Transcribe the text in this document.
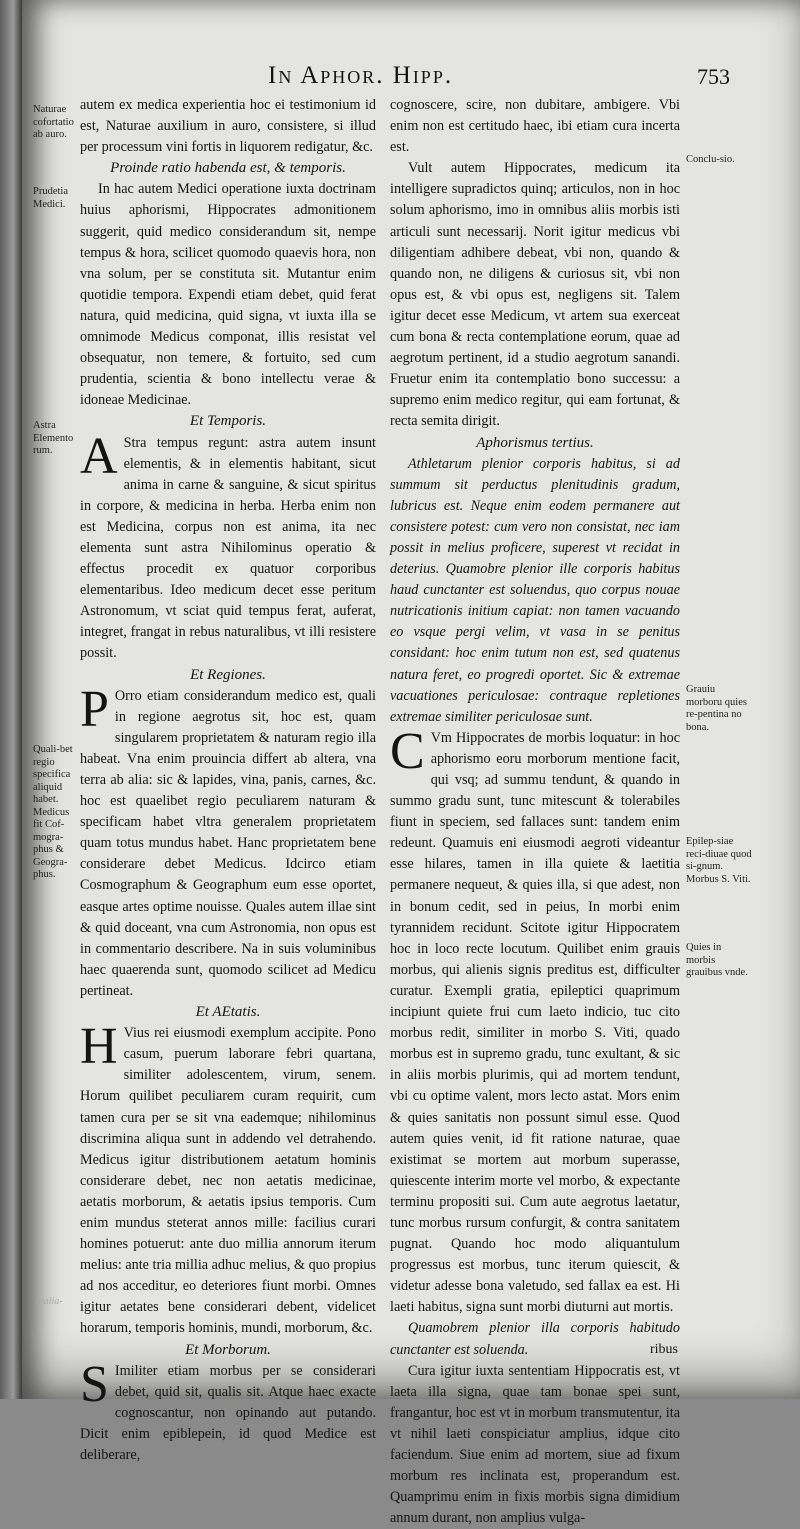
In Aphor. Hipp.	753

autem ex medica experientia hoc ei testimonium id est, Naturae auxilium in auro, consistere, si illud per processum vini fortis in liquorem redigatur, &c.

Proinde ratio habenda est, & temporis.

In hac autem Medici operatione iuxta doctrinam huius aphorismi, Hippocrates admonitionem suggerit, quid medico considerandum sit, nempe tempus & hora, scilicet quomodo quaevis hora, non vna solum, per se constituta sit. Mutantur enim quotidie tempora. Expendi etiam debet, quid ferat natura, quid medicina, quid signa, vt iuxta illa se omnimode Medicus componat, illis resistat vel obsequatur, non temere, & fortuito, sed cum prudentia, scientia & bono intellectu verae & idoneae Medicinae.

Et Temporis.

A Stra tempus regunt: astra autem insunt elementis, & in elementis habitant, sicut anima in carne & sanguine, & sicut spiritus in corpore, & medicina in herba. Herba enim non est Medicina, corpus non est anima, ita nec elementa sunt astra Nihilominus operatio & effectus procedit ex quatuor corporibus elementaribus. Ideo medicum decet esse peritum Astronomum, vt sciat quid tempus ferat, auferat, integret, frangat in rebus naturalibus, vt illi resistere possit.

Et Regiones.

P Orro etiam considerandum medico est, quali in regione aegrotus sit, hoc est, quam singularem proprietatem & naturam regio illa habeat. Vna enim prouincia differt ab altera, vna terra ab alia: sic & lapides, vina, panis, carnes, &c. hoc est quaelibet regio peculiarem naturam & specificam habet vltra generalem proprietatem quam totus mundus habet. Hanc proprietatem bene considerare debet Medicus. Idcirco etiam Cosmographum & Geographum eum esse oportet, easque artes optime nouisse. Quales autem illae sint & quid doceant, vna cum Astronomia, non opus est in commentario describere. Na in suis voluminibus haec quaerenda sunt, quomodo scilicet ad Medicu pertineat.

Et AEtatis.

H Vius rei eiusmodi exemplum accipite. Pono casum, puerum laborare febri quartana, similiter adolescentem, virum, senem. Horum quilibet peculiarem curam requirit, cum tamen cura per se sit vna eademque; nihilominus discrimina aliqua sunt in addendo vel detrahendo. Medicus igitur distributionem aetatum hominis considerare debet, nec non aetatis medicinae, aetatis morborum, & aetatis ipsius temporis. Cum enim mundus steterat annos mille: facilius curari homines potuerut: ante duo millia annorum iterum melius: ante tria millia adhuc melius, & quo propius ad nos acceditur, eo deteriores fiunt morbi. Omnes igitur aetates bene considerari debent, videlicet horarum, temporis hominis, mundi, morborum, &c.

Et Morborum.

S Imiliter etiam morbus per se considerari debet, quid sit, qualis sit. Atque haec exacte cognoscantur, non opinando aut putando. Dicit enim epiblepein, id quod Medice est deliberare,

cognoscere, scire, non dubitare, ambigere. Vbi enim non est certitudo haec, ibi etiam cura incerta est.

Vult autem Hippocrates, medicum ita intelligere supradictos quinq; articulos, non in hoc solum aphorismo, imo in omnibus aliis morbis isti articuli sunt necessarij. Norit igitur medicus vbi diligentiam adhibere debeat, vbi non, quando & quando non, ne diligens & curiosus sit, vbi non opus est, & vbi opus est, negligens sit. Talem igitur decet esse Medicum, vt artem sua exerceat cum bona & recta contemplatione eorum, quae ad aegrotum pertinent, id a studio aegrotum sanandi. Fruetur enim ita contemplatio bono successu: a supremo enim medico regitur, qui eam fortunat, & recta semita dirigit.

Aphorismus tertius.

Athletarum plenior corporis habitus, si ad summum sit perductus plenitudinis gradum, lubricus est. Neque enim eodem permanere aut consistere potest: cum vero non consistat, nec iam possit in melius proficere, superest vt recidat in deterius. Quamobre plenior ille corporis habitus haud cunctanter est soluendus, quo corpus nouae nutricationis initium capiat: non tamen vacuando eo vsque pergi velim, vt vasa in se penitus considant: hoc enim tutum non est, sed quatenus natura feret, eo progredi oportet. Sic & extremae vacuationes periculosae: contraque repletiones extremae similiter periculosae sunt.

C Vm Hippocrates de morbis loquatur: in hoc aphorismo eoru morborum mentione facit, qui vsq; ad summu tendunt, & quando in summo gradu sunt, tunc mitescunt & tolerabiles fiunt in speciem, sed fallaces sunt: tandem enim redeunt. Quamuis eni eiusmodi aegroti videantur esse hilares, tamen in illa quiete & laetitia permanere nequeut, & quies illa, si que adest, non in bonum cedit, sed in peius, In morbi enim tyrannidem recidunt. Scitote igitur Hippocratem hoc in loco recte locutum. Quilibet enim grauis morbus, qui alienis signis preditus est, difficulter curatur. Exempli gratia, epileptici quaprimum incipiunt quiete frui cum laeto indicio, tuc cito morbus redit, similiter in morbo S. Viti, quado morbus est in supremo gradu, tunc exultant, & sic in aliis morbis plurimis, qui ad mortem tendunt, vbi cu optime valent, mors lecto astat. Mors enim & quies sanitatis non possunt simul esse. Quod autem quies venit, id fit ratione naturae, quae existimat se mortem aut morbum superasse, quiescente interim morte vel morbo, & expectante terminu propositi sui. Cum aute aegrotus laetatur, tunc morbus rursum confurgit, & contra sanitatem pugnat. Quando hoc modo aliquantulum progressus est morbus, tunc iterum quiescit, & videtur adesse bona valetudo, sed fallax ea est. Hi laeti habitus, signa sunt morbi diuturni aut mortis.

Quamobrem plenior illa corporis habitudo cunctanter est soluenda.

Cura igitur iuxta sententiam Hippocratis est, vt laeta illa signa, quae tam bonae spei sunt, frangantur, hoc est vt in morbum transmutentur, ita vt nihil laeti conspiciatur amplius, idque cito faciendum. Siue enim ad mortem, siue ad fixum morbum res inclinata est, properandum est. Quamprimu enim in fixis morbis signa dimidium annum durant, non amplius vulga-

ribus
Naturae cofortatio ab auro.
Prudetia Medici.
Astra Elemento rum.
Quali-bet regio specifica aliquid habet. Medicus fit Cof-mogra-phus & Geogra-phus.
inalia-
Conclu-sio.
Grauiu morboru quies re-pentina no bona.
Epilep-siae reci-diuae quod si-gnum. Morbus S. Viti.
Quies in morbis grauibus vnde.
